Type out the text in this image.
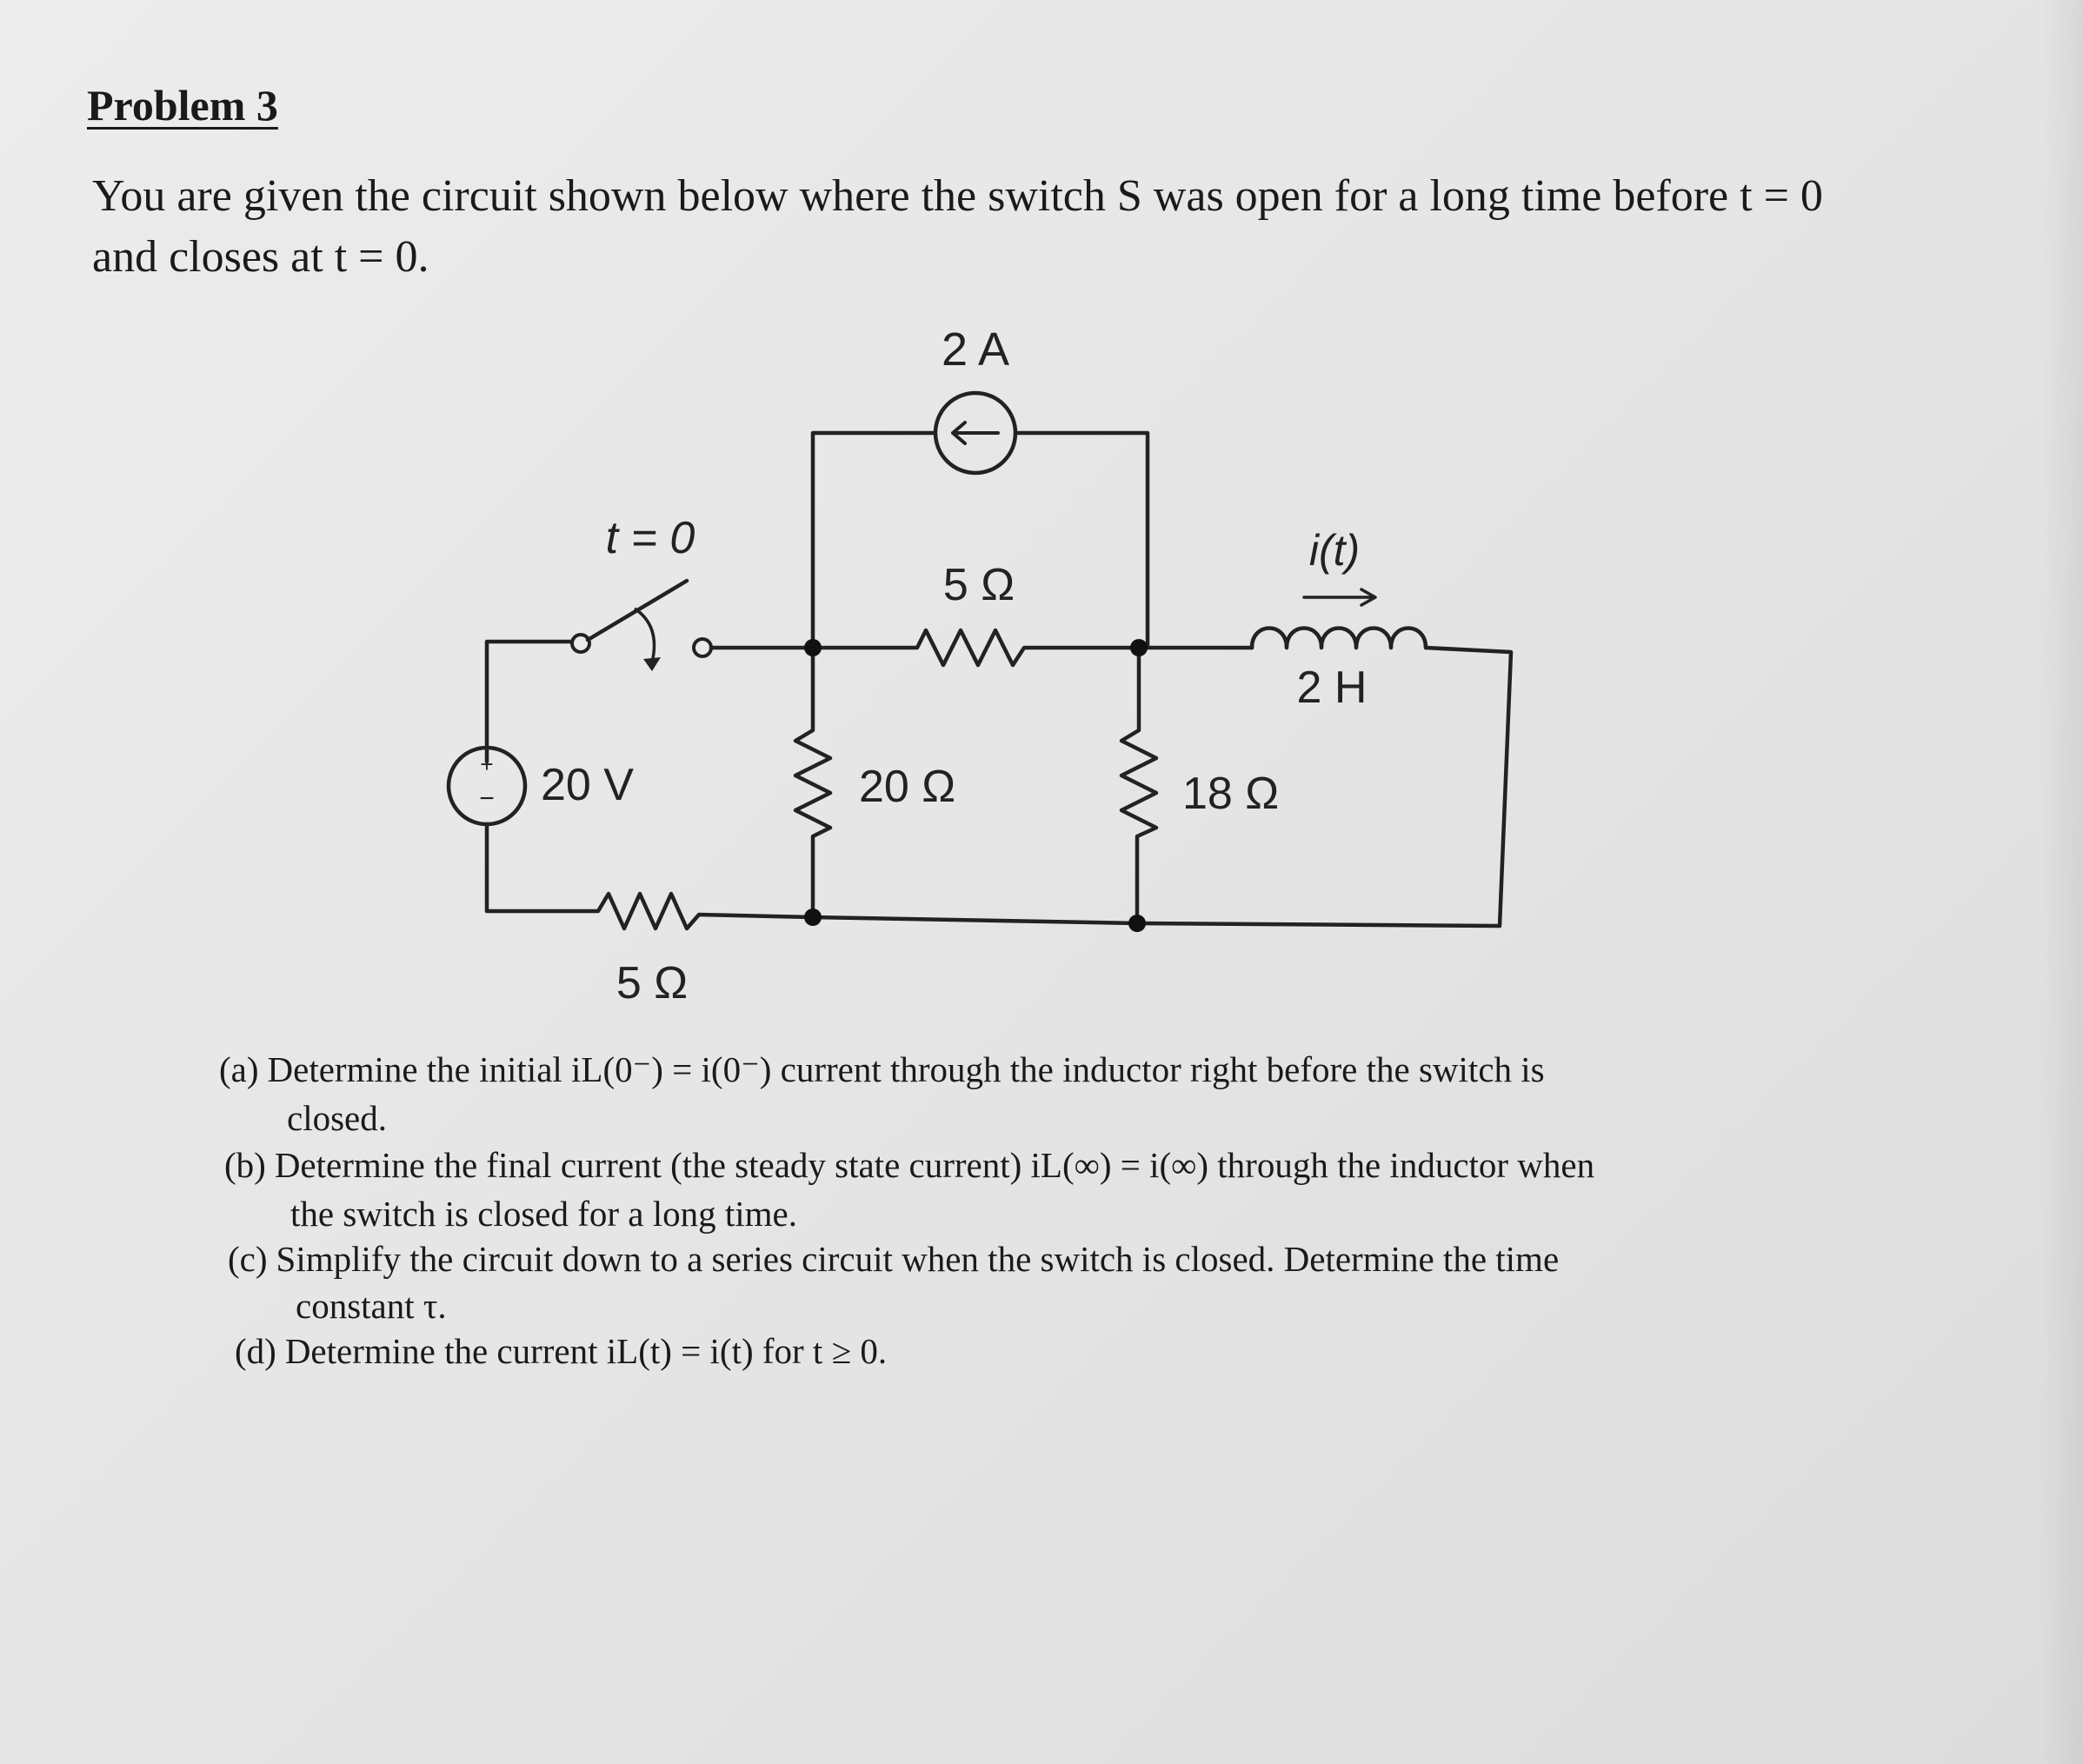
Problem 3
You are given the circuit shown below where the switch S was open for a long time before t = 0
and closes at t = 0.
2 A
t = 0
+
− 20 V	20 Ω	18 Ω
5 Ω
i(t)
2 H
5 Ω
(a) Determine the initial iL(0⁻) = i(0⁻) current through the inductor right before the switch is
closed.
(b) Determine the final current (the steady state current) iL(∞) = i(∞) through the inductor when
the switch is closed for a long time.
(c) Simplify the circuit down to a series circuit when the switch is closed. Determine the time
constant τ.
(d) Determine the current iL(t) = i(t) for t ≥ 0.
